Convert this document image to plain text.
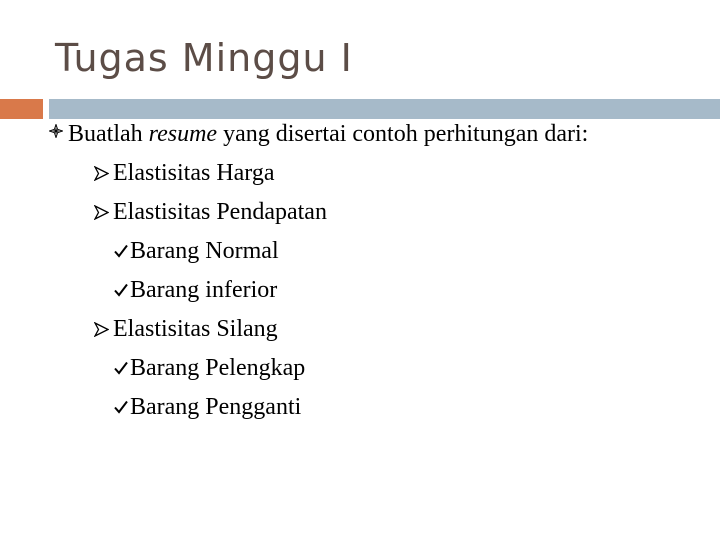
Tugas Minggu I
Buatlah resume yang disertai contoh perhitungan dari:
Elastisitas Harga
Elastisitas Pendapatan
Barang Normal
Barang inferior
Elastisitas Silang
Barang Pelengkap
Barang Pengganti
